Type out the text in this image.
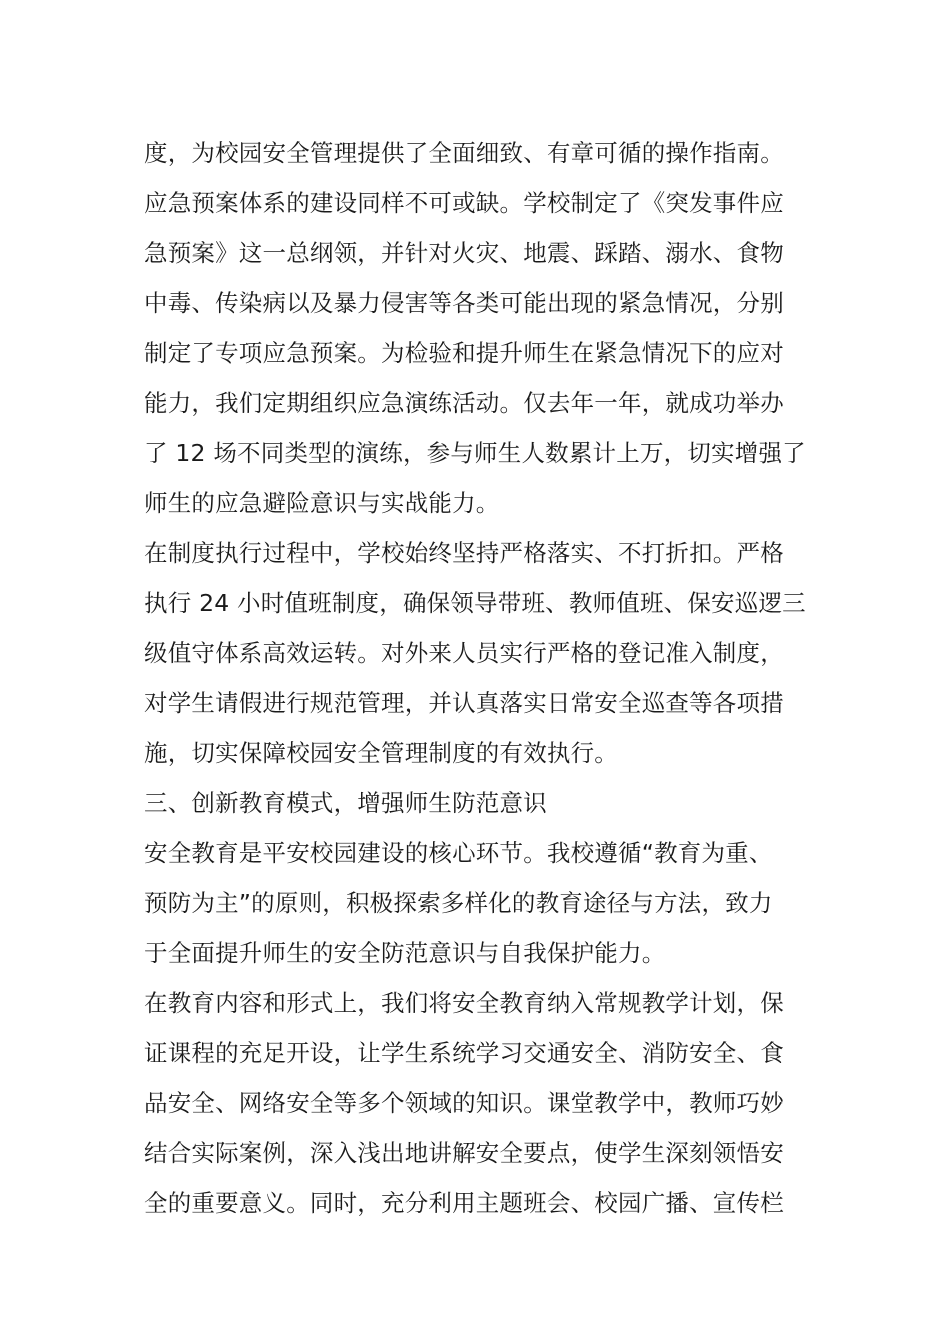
度，为校园安全管理提供了全面细致、有章可循的操作指南。
应急预案体系的建设同样不可或缺。学校制定了《突发事件应
急预案》这一总纲领，并针对火灾、地震、踩踏、溺水、食物
中毒、传染病以及暴力侵害等各类可能出现的紧急情况，分别
制定了专项应急预案。为检验和提升师生在紧急情况下的应对
能力，我们定期组织应急演练活动。仅去年一年，就成功举办
了 12 场不同类型的演练，参与师生人数累计上万，切实增强了
师生的应急避险意识与实战能力。
在制度执行过程中，学校始终坚持严格落实、不打折扣。严格
执行 24 小时值班制度，确保领导带班、教师值班、保安巡逻三
级值守体系高效运转。对外来人员实行严格的登记准入制度，
对学生请假进行规范管理，并认真落实日常安全巡查等各项措
施，切实保障校园安全管理制度的有效执行。
三、创新教育模式，增强师生防范意识
安全教育是平安校园建设的核心环节。我校遵循“教育为重、
预防为主”的原则，积极探索多样化的教育途径与方法，致力
于全面提升师生的安全防范意识与自我保护能力。
在教育内容和形式上，我们将安全教育纳入常规教学计划，保
证课程的充足开设，让学生系统学习交通安全、消防安全、食
品安全、网络安全等多个领域的知识。课堂教学中，教师巧妙
结合实际案例，深入浅出地讲解安全要点，使学生深刻领悟安
全的重要意义。同时，充分利用主题班会、校园广播、宣传栏
